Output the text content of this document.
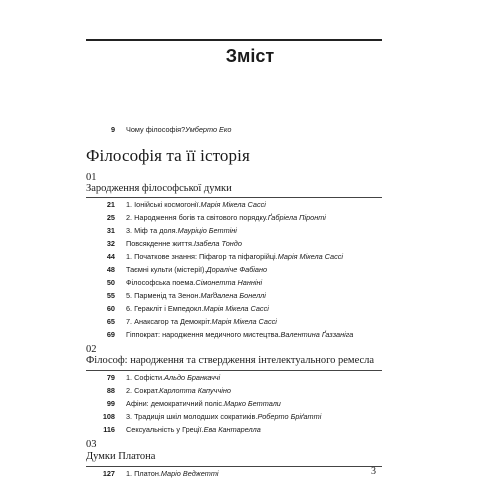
Зміст
9	Чому філософія? Умберто Еко
Філософія та її історія
01
Зародження філософської думки
21	1. Іонійські космогонії. Марія Мікела Сассі
25	2. Народження богів та світового порядку. Ґабріела Піронті
31	3. Міф та доля. Маурiціо Беттіні
32	Повсякденне життя. Ізабела Тондо
44	1. Початкове знання: Піфагор та піфагорійці. Марія Мікела Сассі
48	Таємні культи (містерії). Доралiче Фабіано
50	Філософська поема. Сімонетта Нанніні
55	5. Парменід та Зенон. Маґдалена Бонеллі
60	6. Геракліт і Емпедокл. Марія Мікела Сассі
65	7. Анаксагор та Демокріт. Марія Мікела Сассі
69	Гіппократ: народження медичного мистецтва. Валентина Ґаззаніга
02
Філософ: народження та ствердження інтелектуального ремесла
79	1. Софісти. Альдо Бранкаччі
88	2. Сократ. Карлотта Капуччіно
99	Афіни: демократичний поліс. Марко Беттали
108	3. Традиція шкіл молодших сократиків. Роберто Бріґатті
116	Сексуальність у Греції. Ева Кантарелла
03
Думки Платона
127	1. Платон. Маріо Веджетті	3
